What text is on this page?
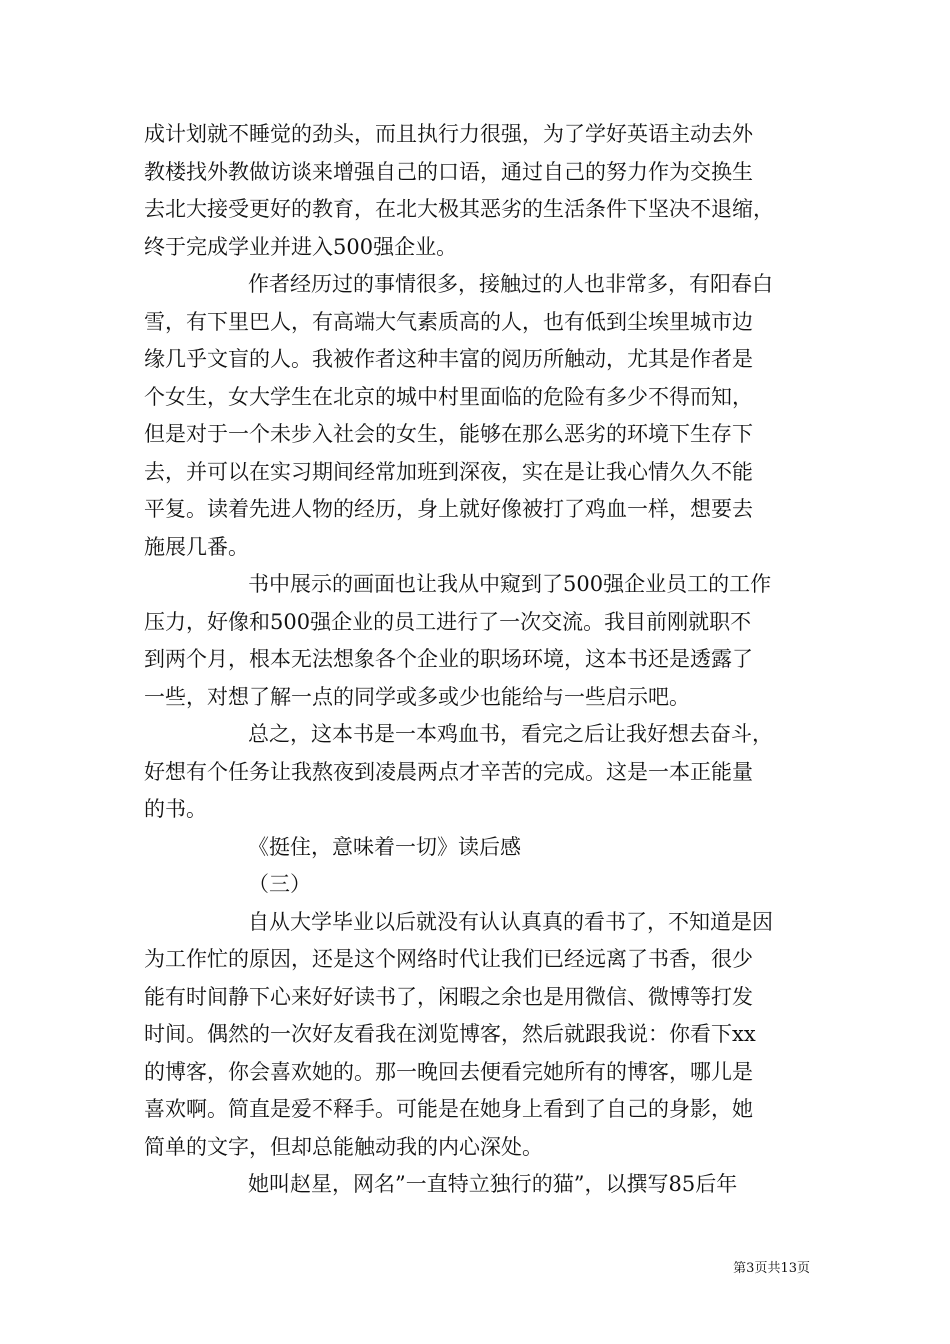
成计划就不睡觉的劲头，而且执行力很强，为了学好英语主动去外
教楼找外教做访谈来增强自己的口语，通过自己的努力作为交换生
去北大接受更好的教育，在北大极其恶劣的生活条件下坚决不退缩，
终于完成学业并进入500强企业。
作者经历过的事情很多，接触过的人也非常多，有阳春白
雪，有下里巴人，有高端大气素质高的人，也有低到尘埃里城市边
缘几乎文盲的人。我被作者这种丰富的阅历所触动，尤其是作者是
个女生，女大学生在北京的城中村里面临的危险有多少不得而知，
但是对于一个未步入社会的女生，能够在那么恶劣的环境下生存下
去，并可以在实习期间经常加班到深夜，实在是让我心情久久不能
平复。读着先进人物的经历，身上就好像被打了鸡血一样，想要去
施展几番。
书中展示的画面也让我从中窥到了500强企业员工的工作
压力，好像和500强企业的员工进行了一次交流。我目前刚就职不
到两个月，根本无法想象各个企业的职场环境，这本书还是透露了
一些，对想了解一点的同学或多或少也能给与一些启示吧。
总之，这本书是一本鸡血书，看完之后让我好想去奋斗，
好想有个任务让我熬夜到凌晨两点才辛苦的完成。这是一本正能量
的书。
《挺住，意味着一切》读后感
（三）
自从大学毕业以后就没有认认真真的看书了，不知道是因
为工作忙的原因，还是这个网络时代让我们已经远离了书香，很少
能有时间静下心来好好读书了，闲暇之余也是用微信、微博等打发
时间。偶然的一次好友看我在浏览博客，然后就跟我说：你看下xx
的博客，你会喜欢她的。那一晚回去便看完她所有的博客，哪儿是
喜欢啊。简直是爱不释手。可能是在她身上看到了自己的身影，她
简单的文字，但却总能触动我的内心深处。
她叫赵星，网名”一直特立独行的猫”，以撰写85后年
第3页共13页
